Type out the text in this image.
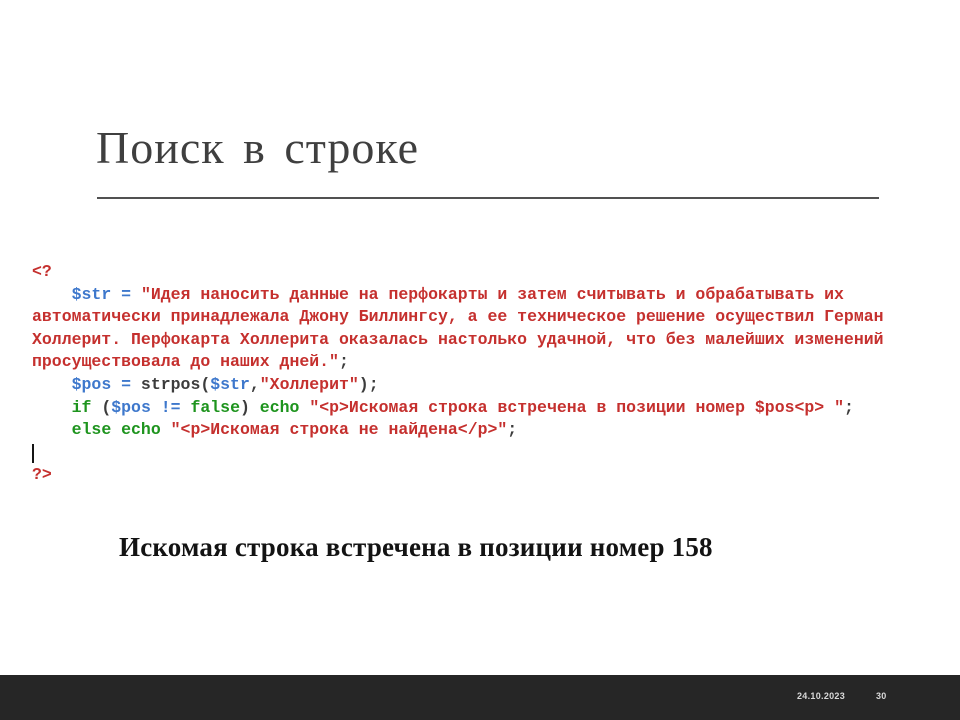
Поиск в строке
<?
$str = "Идея наносить данные на перфокарты и затем считывать и обрабатывать их
автоматически принадлежала Джону Биллингсу, а ее техническое решение осуществил Герман
Холлерит. Перфокарта Холлерита оказалась настолько удачной, что без малейших изменений
просуществовала до наших дней.";
$pos = strpos($str,"Холлерит");
if ($pos != false) echo "<p>Искомая строка встречена в позиции номер $pos<p> ";
else echo "<p>Искомая строка не найдена</p>";
?>
Искомая строка встречена в позиции номер 158
24.10.2023	30
